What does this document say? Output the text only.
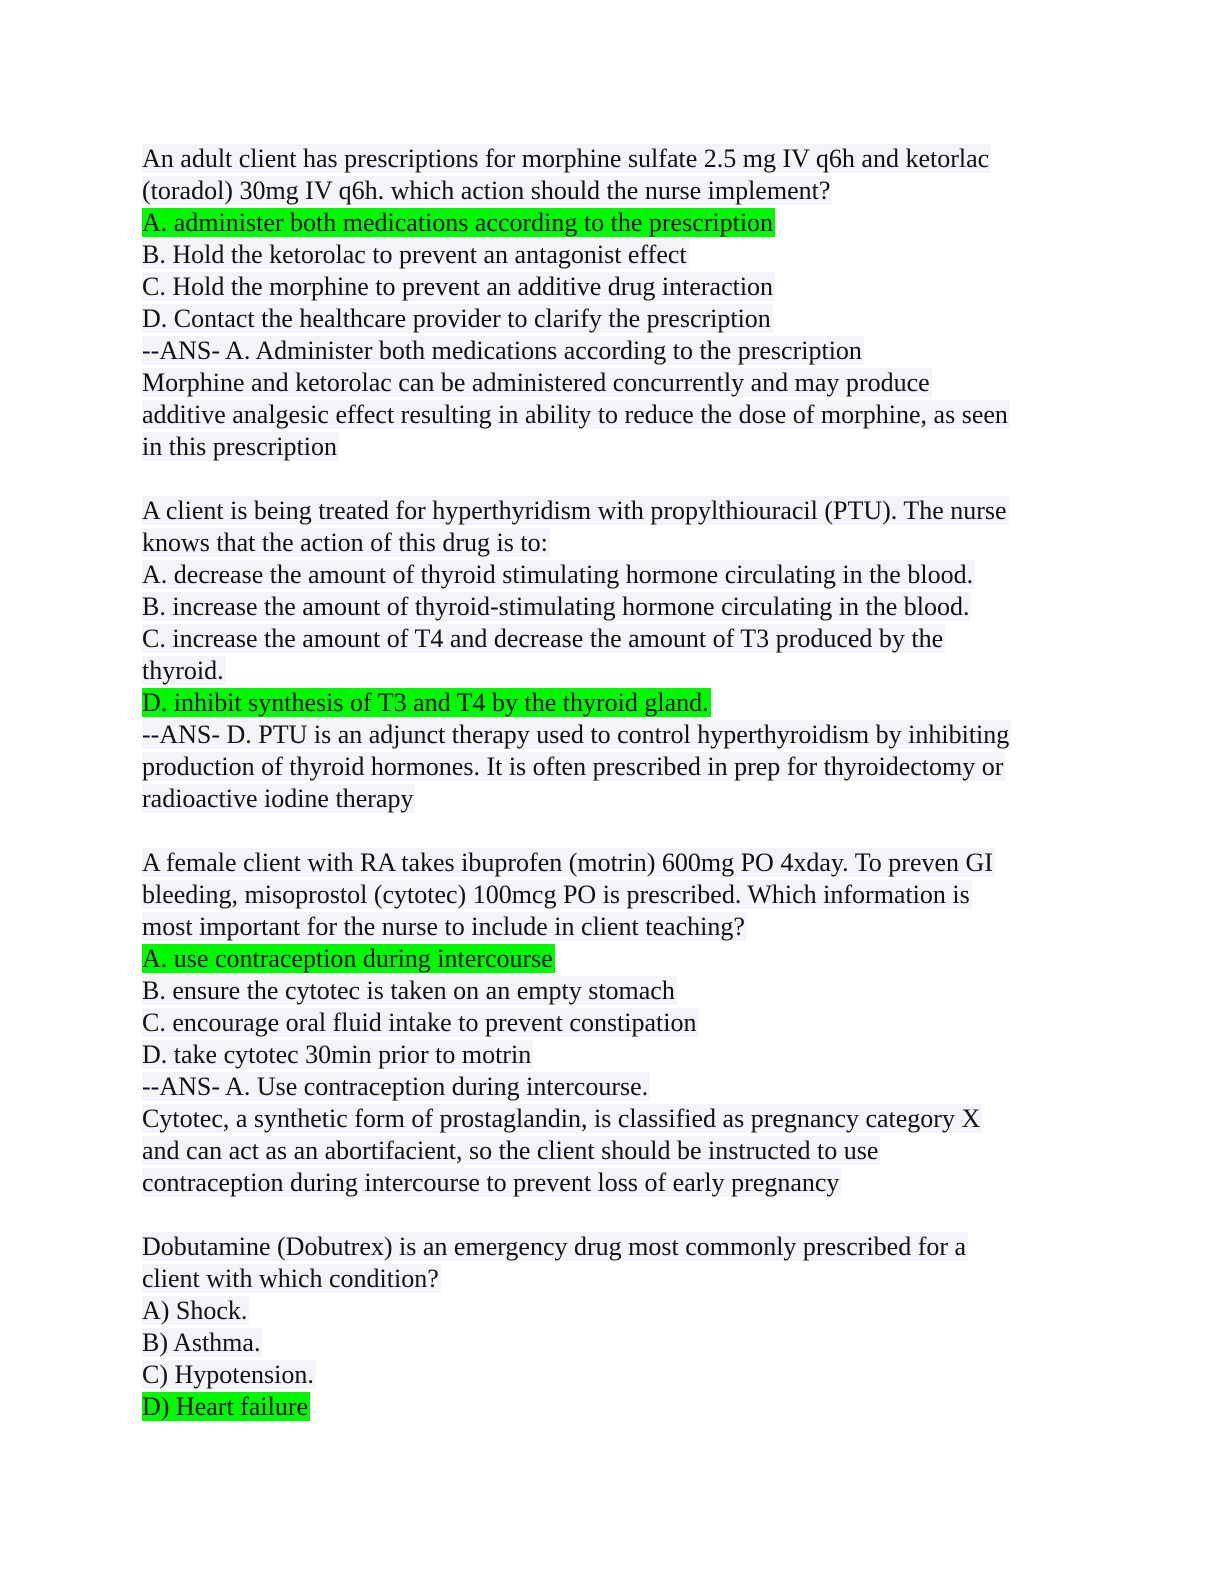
An adult client has prescriptions for morphine sulfate 2.5 mg IV q6h and ketorlac
(toradol) 30mg IV q6h. which action should the nurse implement?
A. administer both medications according to the prescription
B. Hold the ketorolac to prevent an antagonist effect
C. Hold the morphine to prevent an additive drug interaction
D. Contact the healthcare provider to clarify the prescription
--ANS- A. Administer both medications according to the prescription
Morphine and ketorolac can be administered concurrently and may produce
additive analgesic effect resulting in ability to reduce the dose of morphine, as seen
in this prescription
A client is being treated for hyperthyridism with propylthiouracil (PTU). The nurse
knows that the action of this drug is to:
A. decrease the amount of thyroid stimulating hormone circulating in the blood.
B. increase the amount of thyroid-stimulating hormone circulating in the blood.
C. increase the amount of T4 and decrease the amount of T3 produced by the
thyroid.
D. inhibit synthesis of T3 and T4 by the thyroid gland.
--ANS- D. PTU is an adjunct therapy used to control hyperthyroidism by inhibiting
production of thyroid hormones. It is often prescribed in prep for thyroidectomy or
radioactive iodine therapy
A female client with RA takes ibuprofen (motrin) 600mg PO 4xday. To preven GI
bleeding, misoprostol (cytotec) 100mcg PO is prescribed. Which information is
most important for the nurse to include in client teaching?
A. use contraception during intercourse
B. ensure the cytotec is taken on an empty stomach
C. encourage oral fluid intake to prevent constipation
D. take cytotec 30min prior to motrin
--ANS- A. Use contraception during intercourse.
Cytotec, a synthetic form of prostaglandin, is classified as pregnancy category X
and can act as an abortifacient, so the client should be instructed to use
contraception during intercourse to prevent loss of early pregnancy
Dobutamine (Dobutrex) is an emergency drug most commonly prescribed for a
client with which condition?
A) Shock.
B) Asthma.
C) Hypotension.
D) Heart failure
